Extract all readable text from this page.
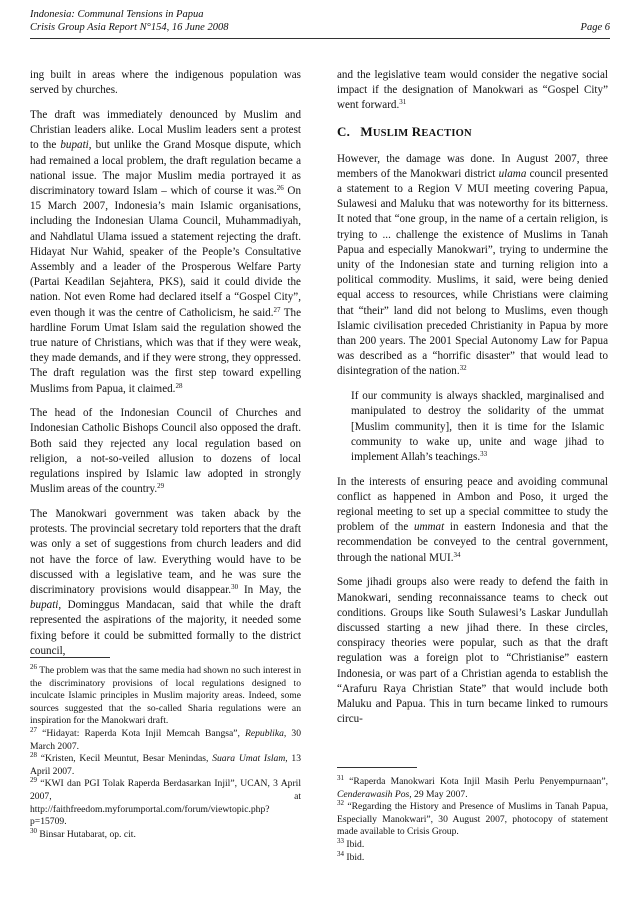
Indonesia: Communal Tensions in Papua
Crisis Group Asia Report N°154, 16 June 2008	Page 6

ing built in areas where the indigenous population was served by churches.

The draft was immediately denounced by Muslim and Christian leaders alike. Local Muslim leaders sent a protest to the bupati, but unlike the Grand Mosque dispute, which had remained a local problem, the draft regulation became a national issue. The major Muslim media portrayed it as discriminatory toward Islam – which of course it was.$^{26}$ On 15 March 2007, Indonesia’s main Islamic organisations, including the Indonesian Ulama Council, Muhammadiyah, and Nahdlatul Ulama issued a statement rejecting the draft. Hidayat Nur Wahid, speaker of the People’s Consultative Assembly and a leader of the Prosperous Welfare Party (Partai Keadilan Sejahtera, PKS), said it could divide the nation. Not even Rome had declared itself a “Gospel City”, even though it was the centre of Catholicism, he said.$^{27}$ The hardline Forum Umat Islam said the regulation showed the true nature of Christians, which was that if they were weak, they made demands, and if they were strong, they oppressed. The draft regulation was the first step toward expelling Muslims from Papua, it claimed.$^{28}$

The head of the Indonesian Council of Churches and Indonesian Catholic Bishops Council also opposed the draft. Both said they rejected any local regulation based on religion, a not-so-veiled allusion to dozens of local regulations inspired by Islamic law adopted in strongly Muslim areas of the country.$^{29}$

The Manokwari government was taken aback by the protests. The provincial secretary told reporters that the draft was only a set of suggestions from church leaders and did not have the force of law. Everything would have to be discussed with a legislative team, and he was sure the discriminatory provisions would disappear.$^{30}$ In May, the bupati, Dominggus Mandacan, said that while the draft represented the aspirations of the majority, it needed some fixing before it could be submitted formally to the district council,

$^{26}$ The problem was that the same media had shown no such interest in the discriminatory provisions of local regulations designed to inculcate Islamic principles in Muslim majority areas. Indeed, some sources suggested that the so-called Sharia regulations were an inspiration for the Manokwari draft.

$^{27}$ “Hidayat: Raperda Kota Injil Memcah Bangsa”, Republika, 30 March 2007.

$^{28}$ “Kristen, Kecil Meuntut, Besar Menindas, Suara Umat Islam, 13 April 2007.

$^{29}$ “KWI dan PGI Tolak Raperda Berdasarkan Injil”, UCAN, 3 April 2007, at http://faithfreedom.myforumportal.com/forum/viewtopic.php?p=15709.

$^{30}$ Binsar Hutabarat, op. cit.

and the legislative team would consider the negative social impact if the designation of Manokwari as “Gospel City” went forward.$^{31}$

C. MUSLIM REACTION

However, the damage was done. In August 2007, three members of the Manokwari district ulama council presented a statement to a Region V MUI meeting covering Papua, Sulawesi and Maluku that was noteworthy for its bitterness. It noted that “one group, in the name of a certain religion, is trying to ... challenge the existence of Muslims in Tanah Papua and especially Manokwari”, trying to undermine the unity of the Indonesian state and turning religion into a political commodity. Muslims, it said, were being denied equal access to resources, while Christians were claiming that “their” land did not belong to Muslims, even though Islamic civilisation preceded Christianity in Papua by more than 200 years. The 2001 Special Autonomy Law for Papua was described as a “horrific disaster” that would lead to disintegration of the nation.$^{32}$

If our community is always shackled, marginalised and manipulated to destroy the solidarity of the ummat [Muslim community], then it is time for the Islamic community to wake up, unite and wage jihad to implement Allah’s teachings.$^{33}$

In the interests of ensuring peace and avoiding communal conflict as happened in Ambon and Poso, it urged the regional meeting to set up a special committee to study the problem of the ummat in eastern Indonesia and that the recommendation be conveyed to the central government, through the national MUI.$^{34}$

Some jihadi groups also were ready to defend the faith in Manokwari, sending reconnaissance teams to check out conditions. Groups like South Sulawesi’s Laskar Jundullah discussed starting a new jihad there. In these circles, conspiracy theories were popular, such as that the draft regulation was a foreign plot to “Christianise” eastern Indonesia, or was part of a Christian agenda to establish the “Arafuru Raya Christian State” that would include both Maluku and Papua. This in turn became linked to rumours circu-

$^{31}$ “Raperda Manokwari Kota Injil Masih Perlu Penyempurnaan”, Cenderawasih Pos, 29 May 2007.

$^{32}$ “Regarding the History and Presence of Muslims in Tanah Papua, Especially Manokwari”, 30 August 2007, photocopy of statement made available to Crisis Group.

$^{33}$ Ibid.

$^{34}$ Ibid.
